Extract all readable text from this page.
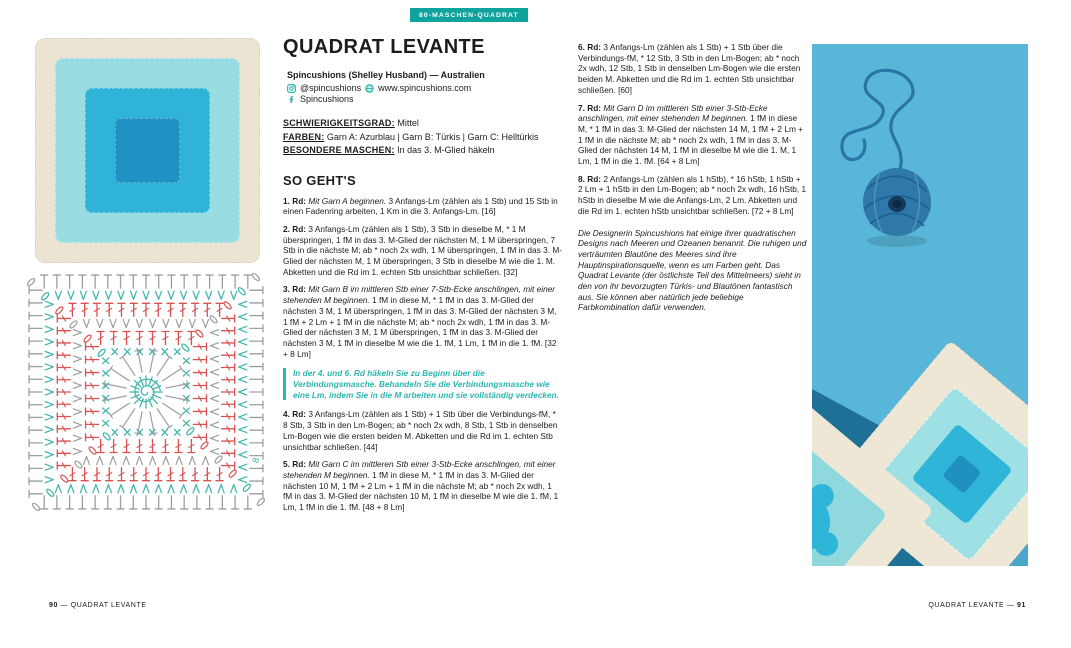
80-MASCHEN-QUADRAT
8
QUADRAT LEVANTE

Spincushions (Shelley Husband) — Australien

@spincushions www.spincushions.com

Spincushions

SCHWIERIGKEITSGRAD: Mittel
FARBEN: Garn A: Azurblau | Garn B: Türkis | Garn C: Helltürkis
BESONDERE MASCHEN: In das 3. M-Glied häkeln

SO GEHT'S

1. Rd: Mit Garn A beginnen. 3 Anfangs-Lm (zählen als 1 Stb) und 15 Stb in einen Fadenring arbeiten, 1 Km in die 3. Anfangs-Lm. [16]

2. Rd: 3 Anfangs-Lm (zählen als 1 Stb), 3 Stb in dieselbe M, * 1 M überspringen, 1 fM in das 3. M-Glied der nächsten M, 1 M überspringen, 7 Stb in die nächste M; ab * noch 2x wdh, 1 M überspringen, 1 fM in das 3. M-Glied der nächsten M, 1 M überspringen, 3 Stb in dieselbe M wie die 1. M. Abketten und die Rd im 1. echten Stb unsichtbar schließen. [32]

3. Rd: Mit Garn B im mittleren Stb einer 7-Stb-Ecke anschlingen, mit einer stehenden M beginnen. 1 fM in diese M, * 1 fM in das 3. M-Glied der nächsten 3 M, 1 M überspringen, 1 fM in das 3. M-Glied der nächsten 3 M, 1 fM + 2 Lm + 1 fM in die nächste M; ab * noch 2x wdh, 1 fM in das 3. M-Glied der nächsten 3 M, 1 M überspringen, 1 fM in das 3. M-Glied der nächsten 3 M, 1 fM in dieselbe M wie die 1. fM, 1 Lm, 1 fM in die 1. fM. [32 + 8 Lm]

In der 4. und 6. Rd häkeln Sie zu Beginn über die Verbindungsmasche. Behandeln Sie die Verbindungsmasche wie eine Lm, indem Sie in die M arbeiten und sie vollständig verdecken.

4. Rd: 3 Anfangs-Lm (zählen als 1 Stb) + 1 Stb über die Verbindungs-fM, * 8 Stb, 3 Stb in den Lm-Bogen; ab * noch 2x wdh, 8 Stb, 1 Stb in denselben Lm-Bogen wie die ersten beiden M. Abketten und die Rd im 1. echten Stb unsichtbar schließen. [44]

5. Rd: Mit Garn C im mittleren Stb einer 3-Stb-Ecke anschlingen, mit einer stehenden M beginnen. 1 fM in diese M, * 1 fM in das 3. M-Glied der nächsten 10 M, 1 fM + 2 Lm + 1 fM in die nächste M; ab * noch 2x wdh, 1 fM in das 3. M-Glied der nächsten 10 M, 1 fM in dieselbe M wie die 1. fM, 1 Lm, 1 fM in die 1. fM. [48 + 8 Lm]

6. Rd: 3 Anfangs-Lm (zählen als 1 Stb) + 1 Stb über die Verbindungs-fM, * 12 Stb, 3 Stb in den Lm-Bogen; ab * noch 2x wdh, 12 Stb, 1 Stb in denselben Lm-Bogen wie die ersten beiden M. Abketten und die Rd im 1. echten Stb unsichtbar schließen. [60]

7. Rd: Mit Garn D im mittleren Stb einer 3-Stb-Ecke anschlingen, mit einer stehenden M beginnen. 1 fM in diese M, * 1 fM in das 3. M-Glied der nächsten 14 M, 1 fM + 2 Lm + 1 fM in die nächste M; ab * noch 2x wdh, 1 fM in das 3. M-Glied der nächsten 14 M, 1 fM in dieselbe M wie die 1. M, 1 Lm, 1 fM in die 1. fM. [64 + 8 Lm]

8. Rd: 2 Anfangs-Lm (zählen als 1 hStb), * 16 hStb, 1 hStb + 2 Lm + 1 hStb in den Lm-Bogen; ab * noch 2x wdh, 16 hStb, 1 hStb in dieselbe M wie die Anfangs-Lm, 2 Lm. Abketten und die Rd im 1. echten hStb unsichtbar schließen. [72 + 8 Lm]

Die Designerin Spincushions hat einige ihrer quadratischen Designs nach Meeren und Ozeanen benannt. Die ruhigen und verträumten Blautöne des Meeres sind ihre Hauptinspirationsquelle, wenn es um Farben geht. Das Quadrat Levante (der östlichste Teil des Mittelmeers) sieht in den von ihr bevorzugten Türkis- und Blautönen fantastisch aus. Sie können aber natürlich jede beliebige Farbkombination dafür verwenden.

90 — QUADRAT LEVANTE	QUADRAT LEVANTE — 91
